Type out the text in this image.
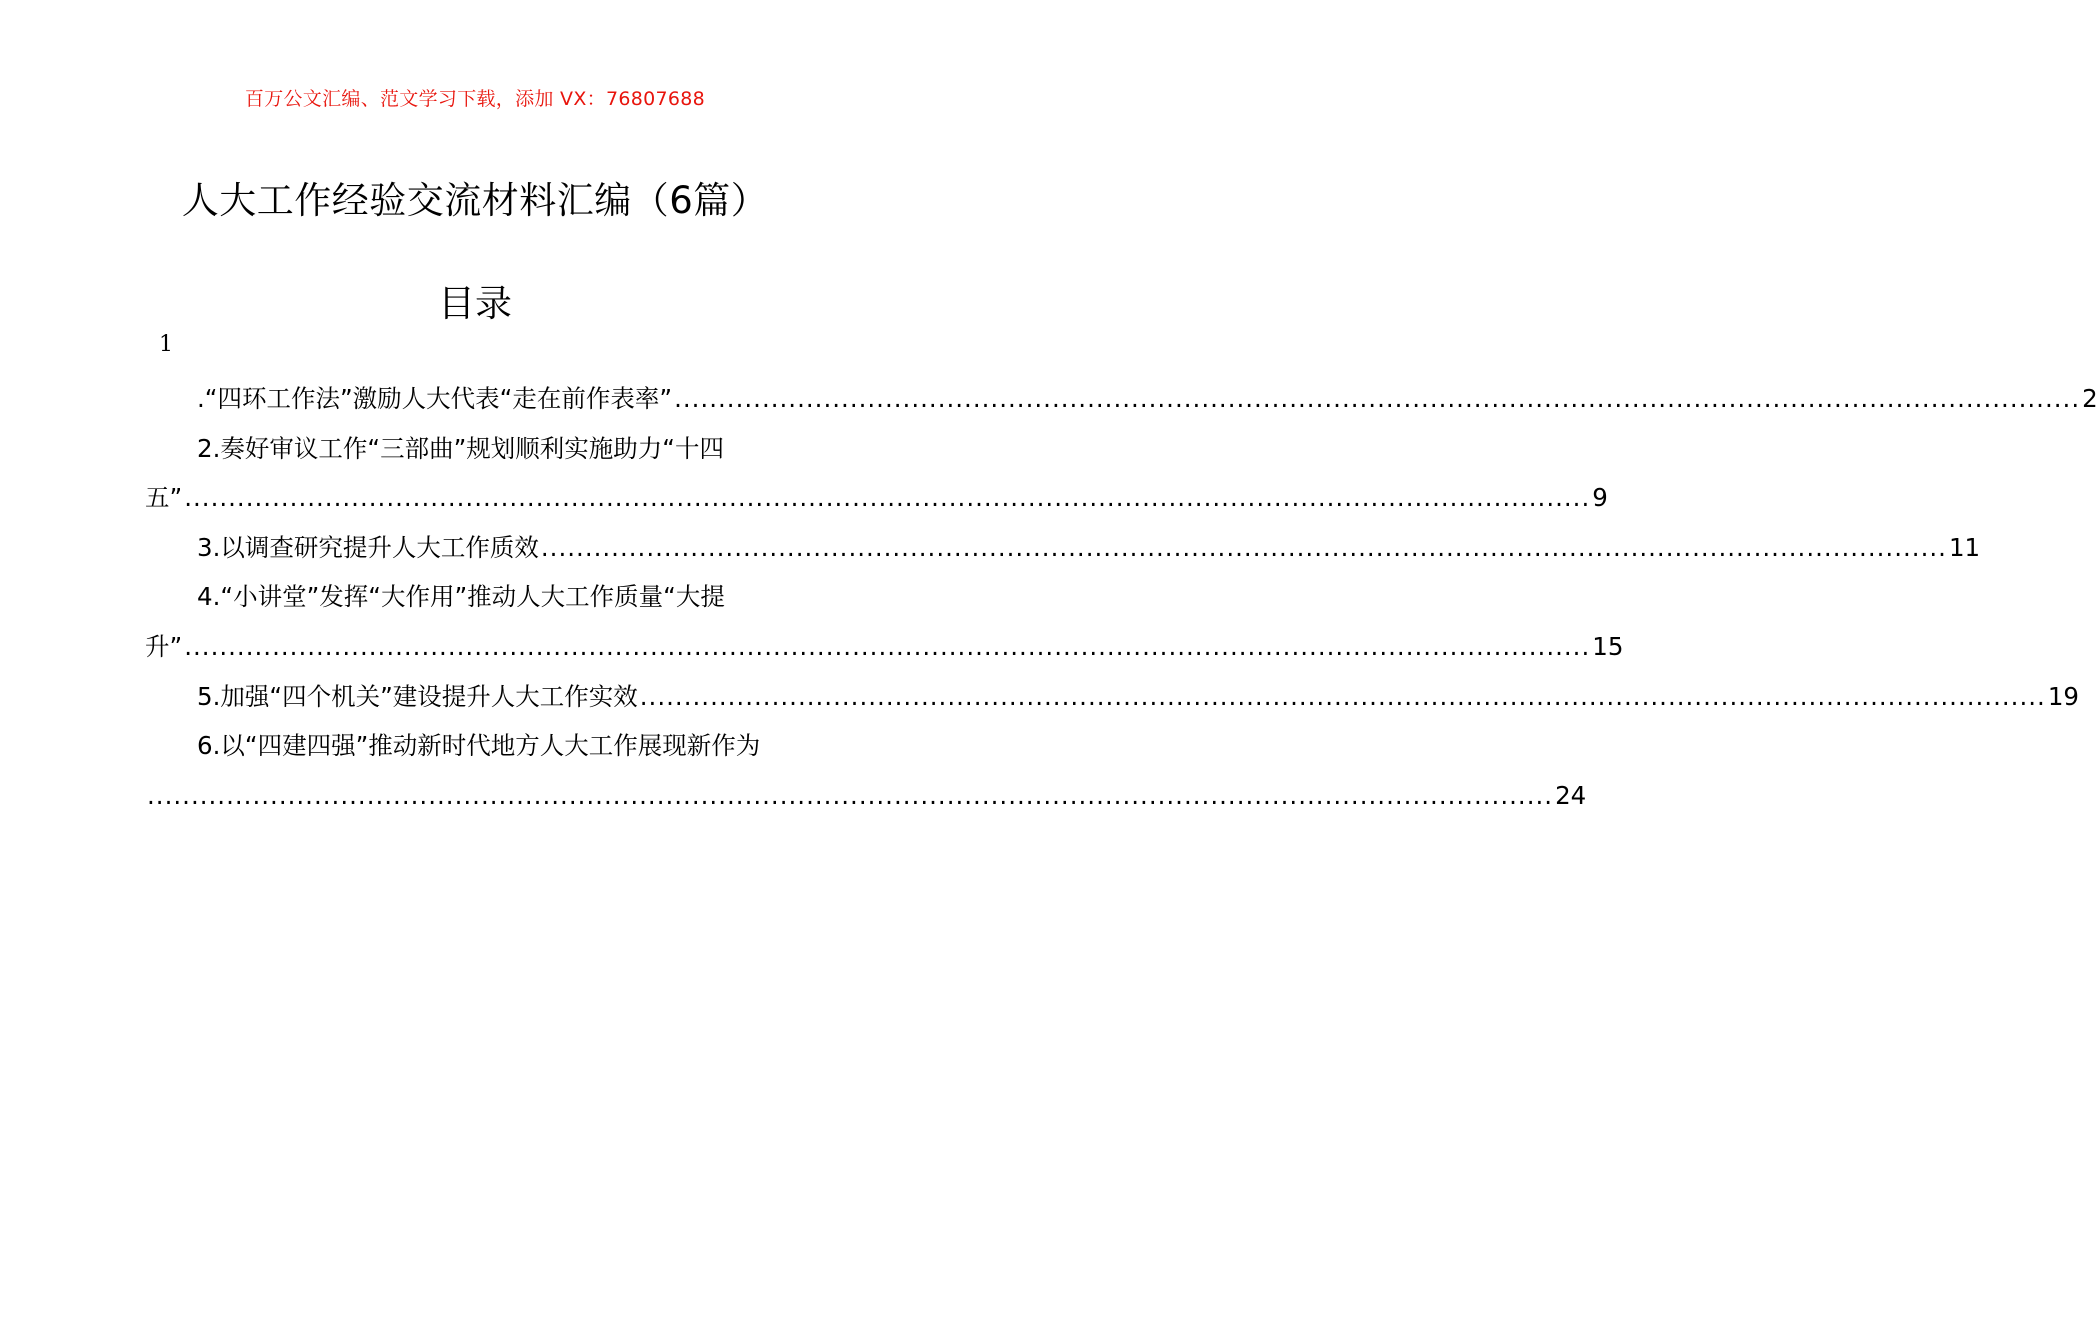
百万公文汇编、范文学习下载，添加 VX：76807688
人大工作经验交流材料汇编（6篇）
目录
1
.“四环工作法”激励人大代表“走在前作表率” ................................................................................................................................................................ 2
2.奏好审议工作“三部曲”规划顺利实施助力“十四
五” ................................................................................................................................................................ 9
3.以调查研究提升人大工作质效 ................................................................................................................................................................ 11
4.“小讲堂”发挥“大作用”推动人大工作质量“大提
升” ................................................................................................................................................................ 15
5.加强“四个机关”建设提升人大工作实效 ................................................................................................................................................................ 19
6.以“四建四强”推动新时代地方人大工作展现新作为
................................................................................................................................................................ 24
